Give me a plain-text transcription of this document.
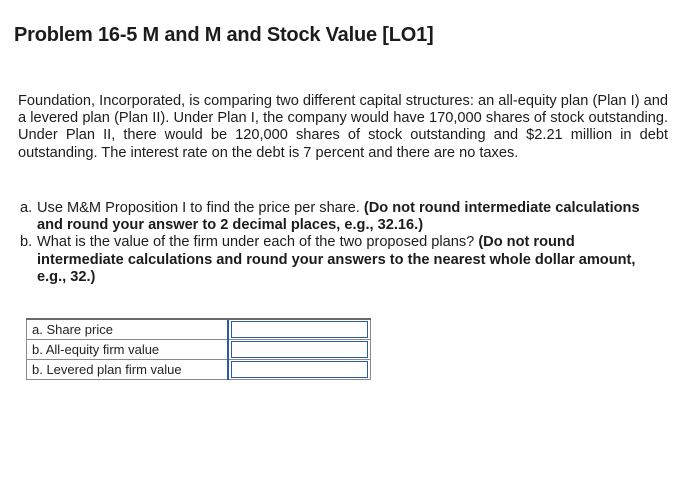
Problem 16-5 M and M and Stock Value [LO1]

Foundation, Incorporated, is comparing two different capital structures: an all-equity plan (Plan I) and a levered plan (Plan II). Under Plan I, the company would have 170,000 shares of stock outstanding. Under Plan II, there would be 120,000 shares of stock outstanding and $2.21 million in debt outstanding. The interest rate on the debt is 7 percent and there are no taxes.

a. Use M&M Proposition I to find the price per share. (Do not round intermediate calculations and round your answer to 2 decimal places, e.g., 32.16.)
b. What is the value of the firm under each of the two proposed plans? (Do not round intermediate calculations and round your answers to the nearest whole dollar amount, e.g., 32.)
a. Share price	

b. All-equity firm value	

b. Levered plan firm value	
